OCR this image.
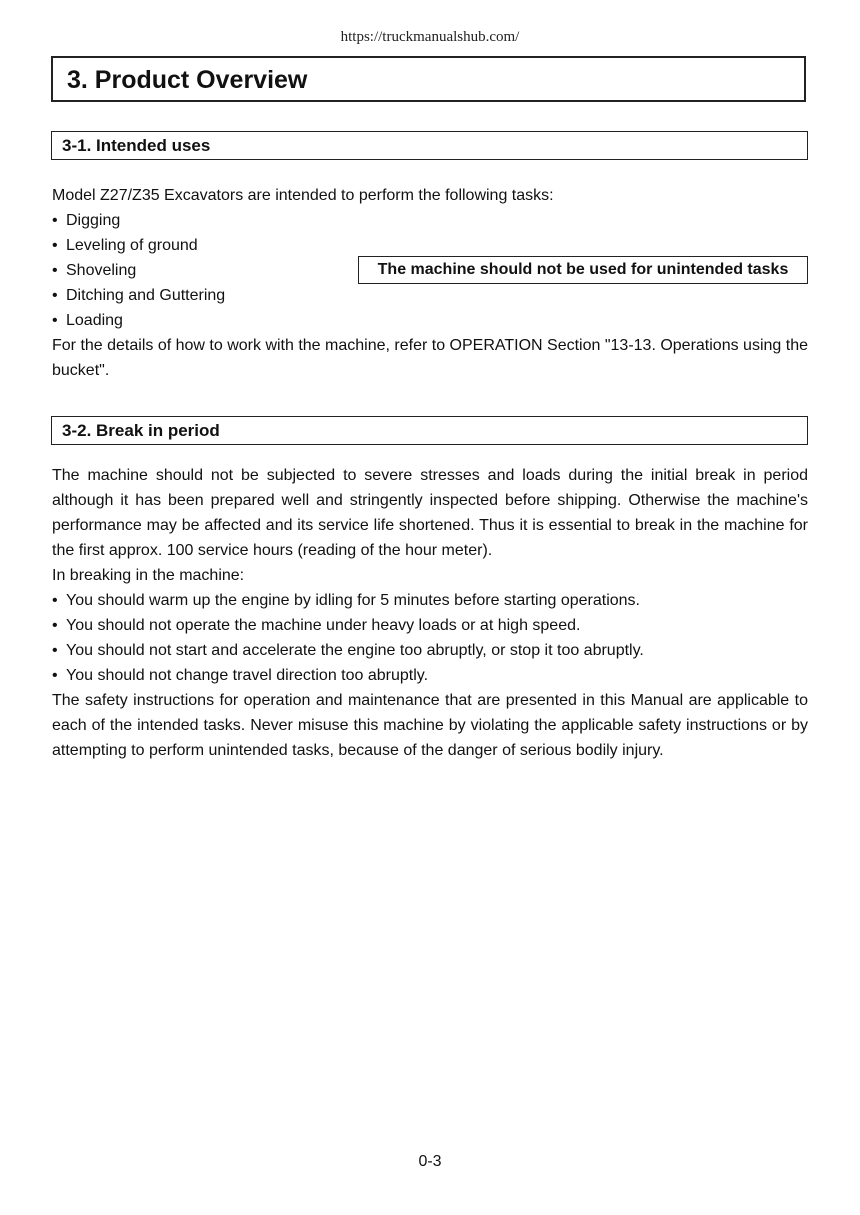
https://truckmanualshub.com/
3. Product Overview
3-1. Intended uses

Model Z27/Z35 Excavators are intended to perform the following tasks:

• Digging

• Leveling of ground

• Shoveling

• Ditching and Guttering

• Loading

For the details of how to work with the machine, refer to OPERATION Section "13-13. Operations using the bucket".

The machine should not be used for unintended tasks
3-2. Break in period

The machine should not be subjected to severe stresses and loads during the initial break in period although it has been prepared well and stringently inspected before shipping. Otherwise the machine's performance may be affected and its service life shortened. Thus it is essential to break in the machine for the first approx. 100 service hours (reading of the hour meter).

In breaking in the machine:

• You should warm up the engine by idling for 5 minutes before starting operations.

• You should not operate the machine under heavy loads or at high speed.

• You should not start and accelerate the engine too abruptly, or stop it too abruptly.

• You should not change travel direction too abruptly.

The safety instructions for operation and maintenance that are presented in this Manual are applicable to each of the intended tasks. Never misuse this machine by violating the applicable safety instructions or by attempting to perform unintended tasks, because of the danger of serious bodily injury.

0-3
